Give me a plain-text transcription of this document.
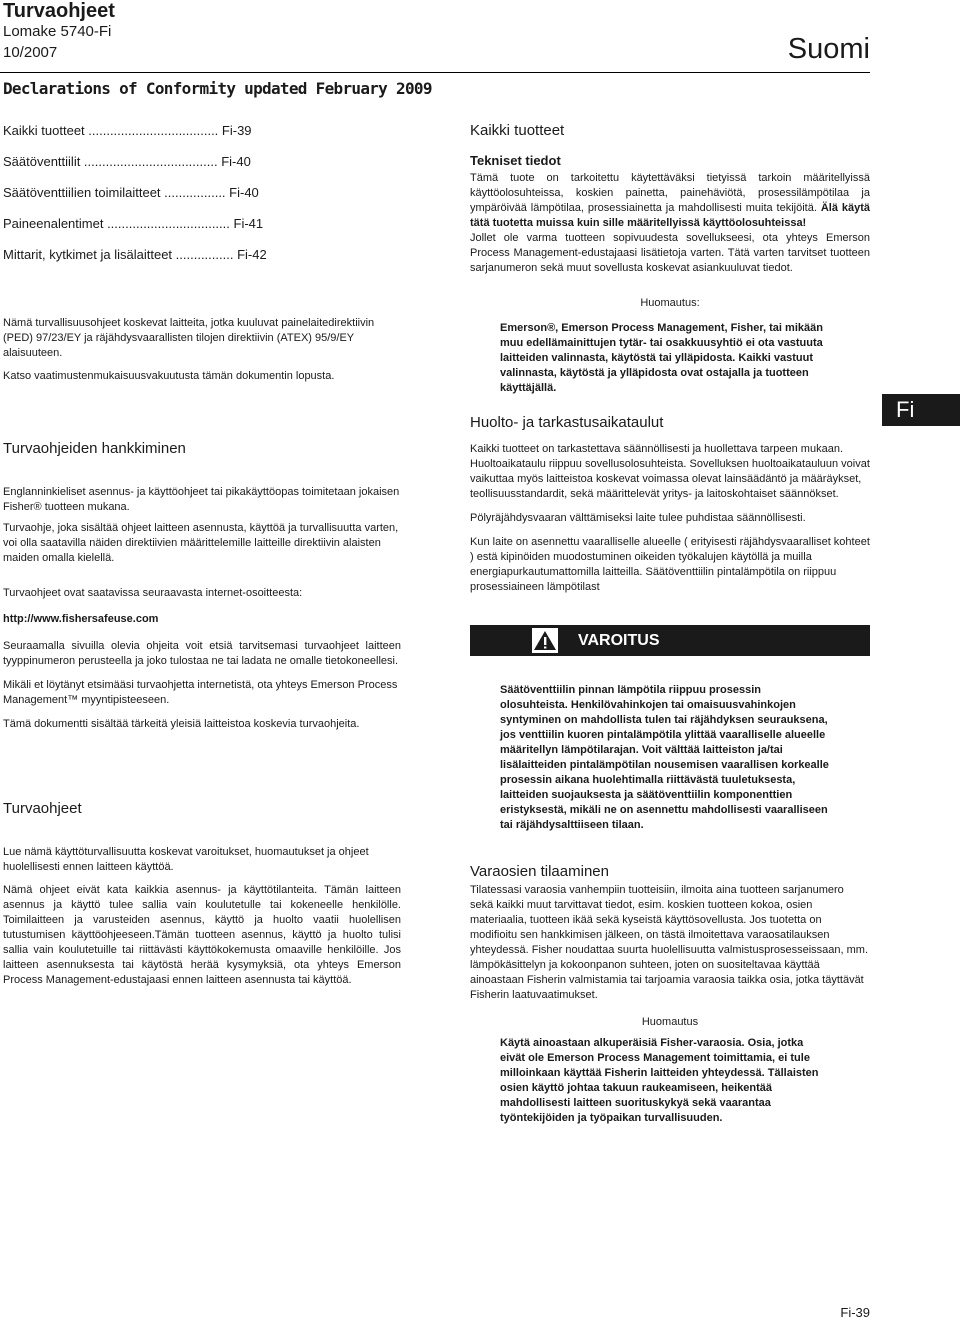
Turvaohjeet
Lomake 5740-Fi
10/2007	Suomi
Declarations of Conformity updated February 2009
Kaikki tuotteet .................................... Fi-39
Säätöventtiilit ..................................... Fi-40
Säätöventtiilien toimilaitteet ................. Fi-40
Paineenalentimet .................................. Fi-41
Mittarit, kytkimet ja lisälaitteet ................ Fi-42
Kaikki tuotteet
Tekniset tiedot

Tämä tuote on tarkoitettu käytettäväksi tietyissä tarkoin määritellyissä käyttöolosuhteissa, koskien painetta, painehäviötä, prosessilämpötilaa ja ympäröivää lämpötilaa, prosessiainetta ja mahdollisesti muita tekijöitä. Älä käytä tätä tuotetta muissa kuin sille määritellyissä käyttöolosuhteissa!

Jollet ole varma tuotteen sopivuudesta sovellukseesi, ota yhteys Emerson Process Management-edustajaasi lisätietoja varten. Tätä varten tarvitset tuotteen sarjanumeron sekä muut sovellusta koskevat asiankuuluvat tiedot.

Nämä turvallisuusohjeet koskevat laitteita, jotka kuuluvat painelaitedirektiivin (PED) 97/23/EY ja räjähdysvaarallisten tilojen direktiivin (ATEX) 95/9/EY alaisuuteen.

Katso vaatimustenmukaisuusvakuutusta tämän dokumentin lopusta.

Turvaohjeiden hankkiminen

Englanninkieliset asennus- ja käyttöohjeet tai pikakäyttöopas toimitetaan jokaisen Fisher® tuotteen mukana.

Turvaohje, joka sisältää ohjeet laitteen asennusta, käyttöä ja turvallisuutta varten, voi olla saatavilla näiden direktiivien määrittelemille laitteille direktiivin alaisten maiden omalla kielellä.

Turvaohjeet ovat saatavissa seuraavasta internet-osoitteesta:

http://www.fishersafeuse.com

Seuraamalla sivuilla olevia ohjeita voit etsiä tarvitsemasi turvaohjeet laitteen tyyppinumeron perusteella ja joko tulostaa ne tai ladata ne omalle tietokoneellesi.

Mikäli et löytänyt etsimääsi turvaohjetta internetistä, ota yhteys Emerson Process Management™ myyntipisteeseen.

Tämä dokumentti sisältää tärkeitä yleisiä laitteistoa koskevia turvaohjeita.

Turvaohjeet

Lue nämä käyttöturvallisuutta koskevat varoitukset, huomautukset ja ohjeet huolellisesti ennen laitteen käyttöä.

Nämä ohjeet eivät kata kaikkia asennus- ja käyttötilanteita. Tämän laitteen asennus ja käyttö tulee sallia vain koulutetulle tai kokeneelle henkilölle. Toimilaitteen ja varusteiden asennus, käyttö ja huolto vaatii huolellisen tutustumisen käyttöohjeeseen.Tämän tuotteen asennus, käyttö ja huolto tulisi sallia vain koulutetuille tai riittävästi käyttökokemusta omaaville henkilöille. Jos laitteen asennuksesta tai käytöstä herää kysymyksiä, ota yhteys Emerson Process Management-edustajaasi ennen laitteen asennusta tai käyttöä.

Huomautus:

Emerson®, Emerson Process Management, Fisher, tai mikään muu edellämainittujen tytär- tai osakkuusyhtiö ei ota vastuuta laitteiden valinnasta, käytöstä tai ylläpidosta. Kaikki vastuut valinnasta, käytöstä ja ylläpidosta ovat ostajalla ja tuotteen käyttäjällä.

Huolto- ja tarkastusaikataulut

Kaikki tuotteet on tarkastettava säännöllisesti ja huollettava tarpeen mukaan. Huoltoaikataulu riippuu sovellusolosuhteista. Sovelluksen huoltoaikatauluun voivat vaikuttaa myös laitteistoa koskevat voimassa olevat lainsäädäntö ja määräykset, teollisuusstandardit, sekä määrittelevät yritys- ja laitoskohtaiset säännökset.

Pölyräjähdysvaaran välttämiseksi laite tulee puhdistaa säännöllisesti.

Kun laite on asennettu vaaralliselle alueelle ( erityisesti räjähdysvaaralliset kohteet ) estä kipinöiden muodostuminen oikeiden työkalujen käytöllä ja muilla energiapurkautumattomilla laitteilla. Säätöventtiilin pintalämpötila on riippuu prosessiaineen lämpötilast

VAROITUS

Säätöventtiilin pinnan lämpötila riippuu prosessin olosuhteista. Henkilövahinkojen tai omaisuusvahinkojen syntyminen on mahdollista tulen tai räjähdyksen seurauksena, jos venttiilin kuoren pintalämpötila ylittää vaaralliselle alueelle määritellyn lämpötilarajan. Voit välttää laitteiston ja/tai lisälaitteiden pintalämpötilan nousemisen vaarallisen korkealle prosessin aikana huolehtimalla riittävästä tuuletuksesta, laitteiden suojauksesta ja säätöventtiilin komponenttien eristyksestä, mikäli ne on asennettu mahdollisesti vaaralliseen tai räjähdysalttiiseen tilaan.

Varaosien tilaaminen

Tilatessasi varaosia vanhempiin tuotteisiin, ilmoita aina tuotteen sarjanumero sekä kaikki muut tarvittavat tiedot, esim. koskien tuotteen kokoa, osien materiaalia, tuotteen ikää sekä kyseistä käyttösovellusta. Jos tuotetta on modifioitu sen hankkimisen jälkeen, on tästä ilmoitettava varaosatilauksen yhteydessä. Fisher noudattaa suurta huolellisuutta valmistusprosesseissaan, mm. lämpökäsittelyn ja kokoonpanon suhteen, joten on suositeltavaa käyttää ainoastaan Fisherin valmistamia tai tarjoamia varaosia taikka osia, jotka täyttävät Fisherin laatuvaatimukset.

Huomautus

Käytä ainoastaan alkuperäisiä Fisher-varaosia. Osia, jotka eivät ole Emerson Process Management toimittamia, ei tule milloinkaan käyttää Fisherin laitteiden yhteydessä. Tällaisten osien käyttö johtaa takuun raukeamiseen, heikentää mahdollisesti laitteen suorituskykyä sekä vaarantaa työntekijöiden ja työpaikan turvallisuuden.

Fi
Fi-39
